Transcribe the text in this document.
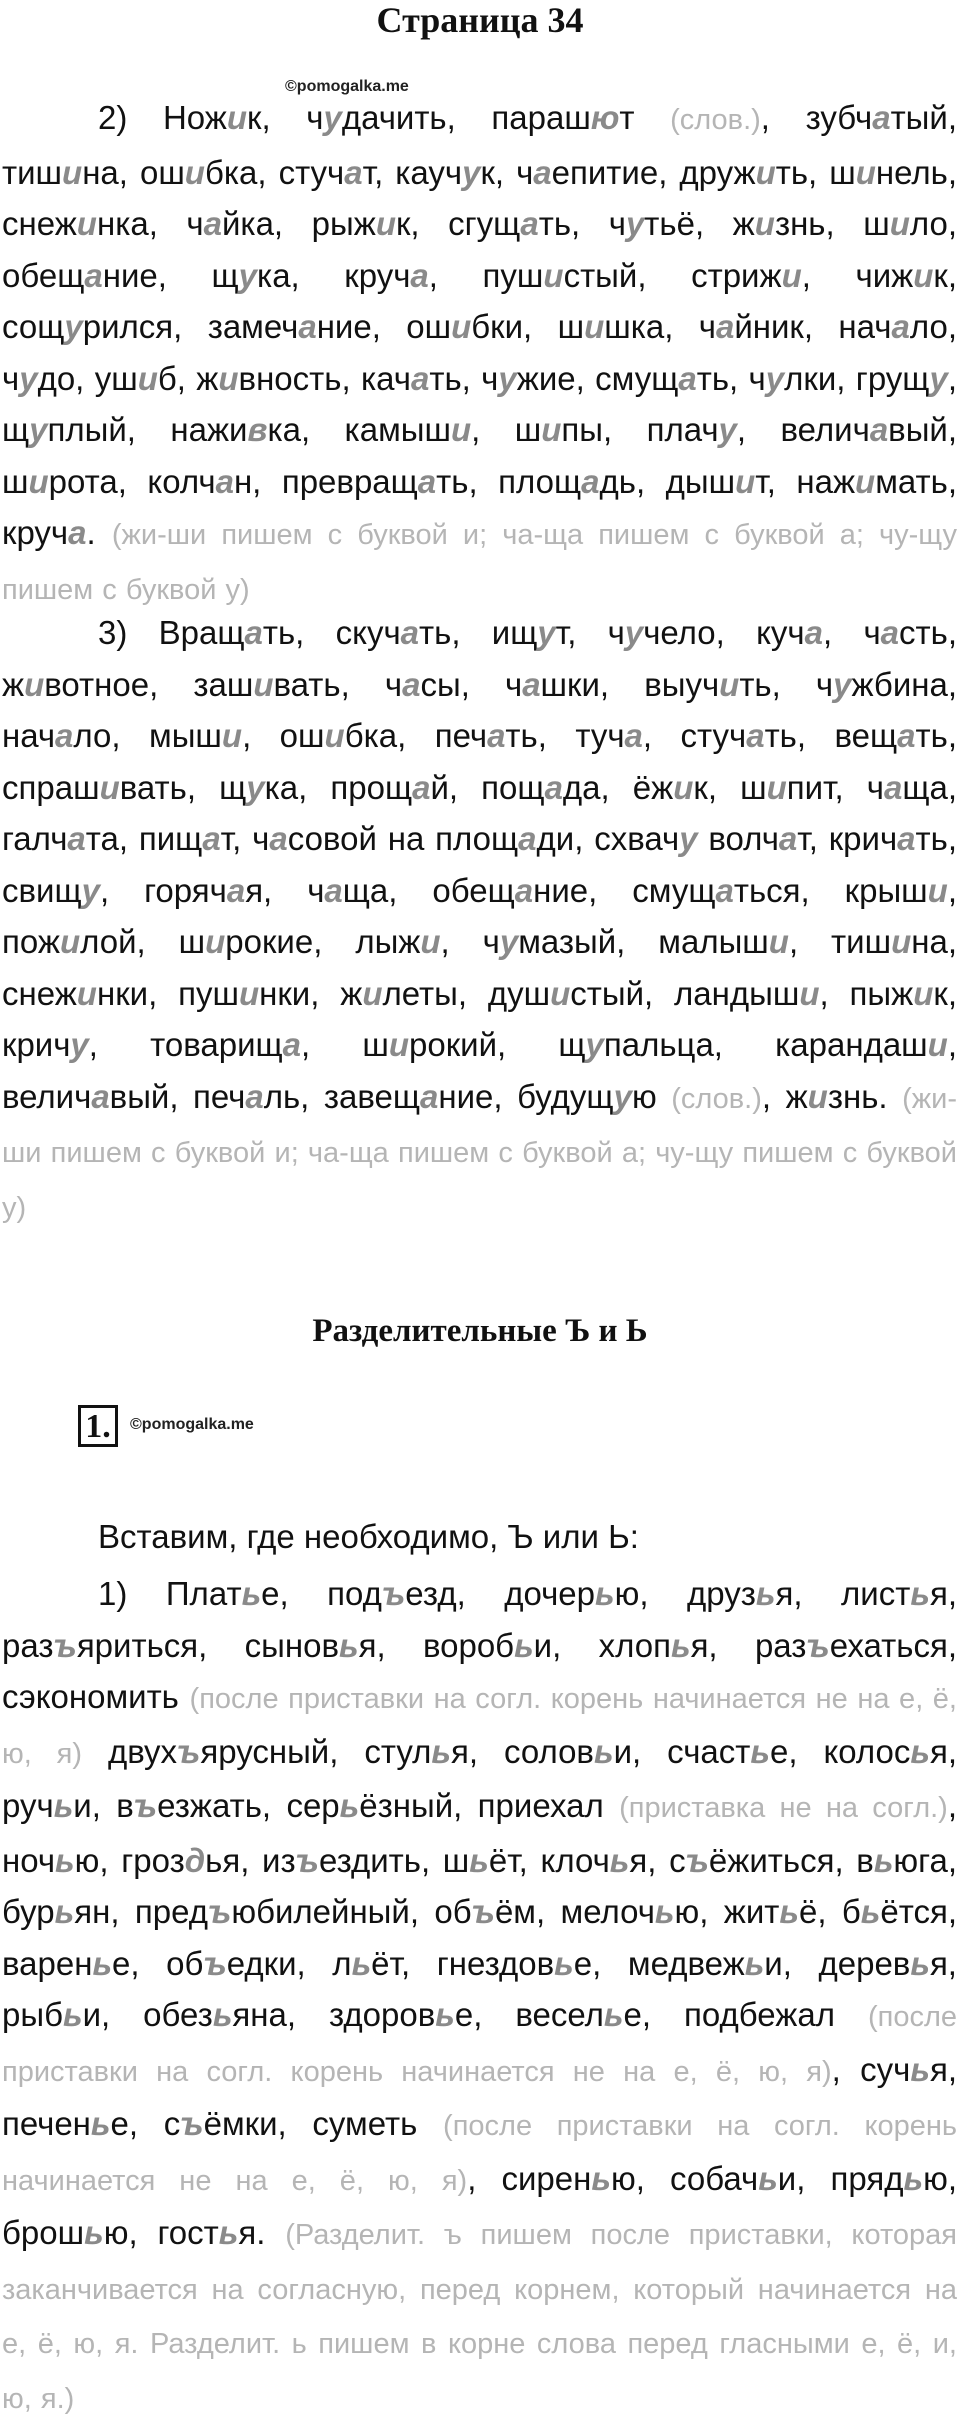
Страница 34
©pomogalka.me
2) Ножик, чудачить, парашют (слов.), зубчатый, тишина, ошибка, стучат, каучук, чаепитие, дружить, шинель, снежинка, чайка, рыжик, сгущать, чутьё, жизнь, шило, обещание, щука, круча, пушистый, стрижи, чижик, сощурился, замечание, ошибки, шишка, чайник, начало, чудо, ушиб, живность, качать, чужие, смущать, чулки, грущу, щуплый, наживка, камыши, шипы, плачу, величавый, широта, колчан, превращать, площадь, дышит, нажимать, круча. (жи-ши пишем с буквой и; ча-ща пишем с буквой а; чу-щу пишем с буквой у)
3) Вращать, скучать, ищут, чучело, куча, часть, животное, зашивать, часы, чашки, выучить, чужбина, начало, мыши, ошибка, печать, туча, стучать, вещать, спрашивать, щука, прощай, пощада, ёжик, шипит, чаща, галчата, пищат, часовой на площади, схвачу волчат, кричать, свищу, горячая, чаща, обещание, смущаться, крыши, пожилой, широкие, лыжи, чумазый, малыши, тишина, снежинки, пушинки, жилеты, душистый, ландыши, пыжик, кричу, товарища, широкий, щупальца, карандаши, величавый, печаль, завещание, будущую (слов.), жизнь. (жи-ши пишем с буквой и; ча-ща пишем с буквой а; чу-щу пишем с буквой у)
Разделительные Ъ и Ь
1.	©pomogalka.me
Вставим, где необходимо, Ъ или Ь:
1) Платье, подъезд, дочерью, друзья, листья, разъяриться, сыновья, воробьи, хлопья, разъехаться, сэкономить (после приставки на согл. корень начинается не на е, ё, ю, я) двухъярусный, стулья, соловьи, счастье, колосья, ручьи, въезжать, серьёзный, приехал (приставка не на согл.), ночью, гроздья, изъездить, шьёт, клочья, съёжиться, вьюга, бурьян, предъюбилейный, объём, мелочью, житьё, бьётся, варенье, объедки, льёт, гнездовье, медвежьи, деревья, рыбьи, обезьяна, здоровье, веселье, подбежал (после приставки на согл. корень начинается не на е, ё, ю, я), сучья, печенье, съёмки, суметь (после приставки на согл. корень начинается не на е, ё, ю, я), сиренью, собачьи, прядью, брошью, гостья. (Разделит. ъ пишем после приставки, которая заканчивается на согласную, перед корнем, который начинается на е, ё, ю, я. Разделит. ь пишем в корне слова перед гласными е, ё, и, ю, я.)
